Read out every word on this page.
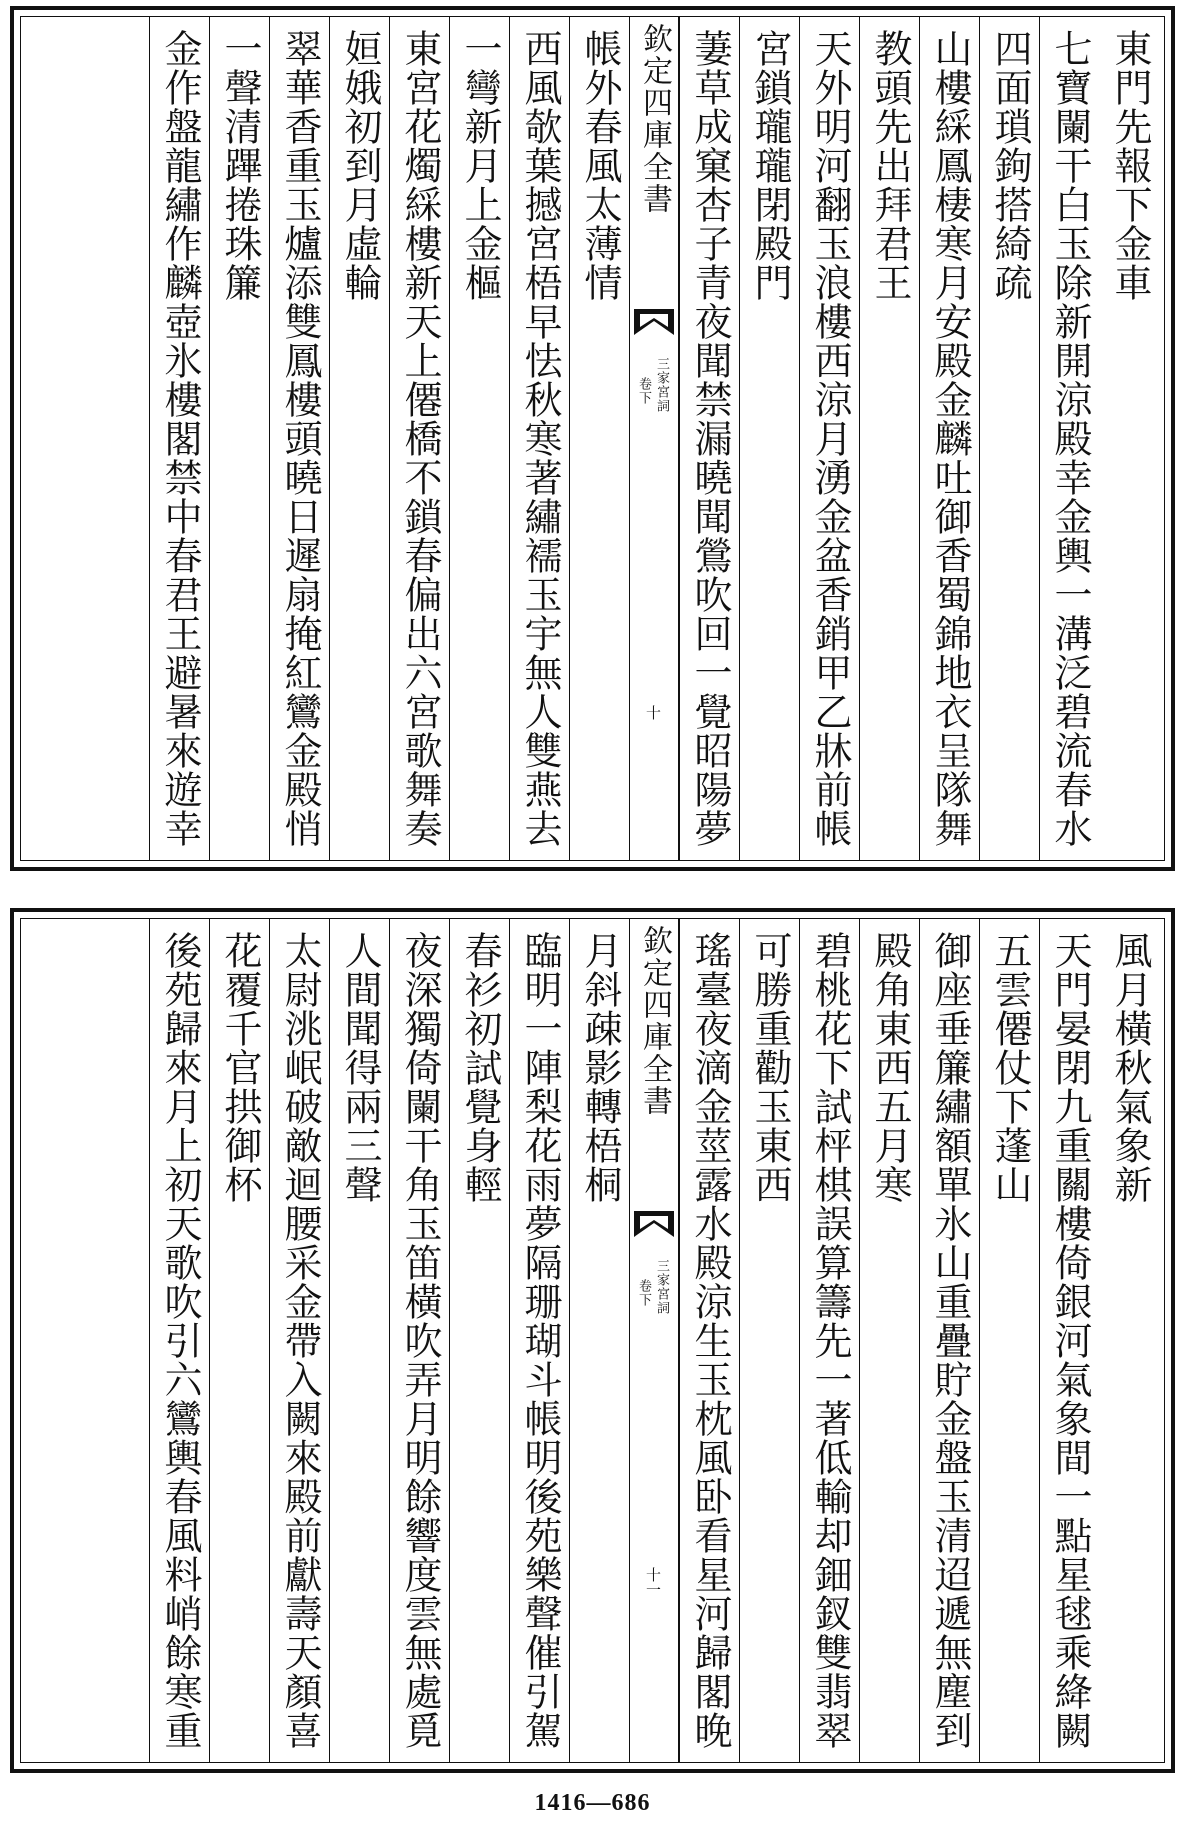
東門先報下金車
七寶闌干白玉除新開涼殿幸金輿一溝泛碧流春水
四面瑣鉤搭綺疏
山樓綵鳳棲寒月安殿金麟吐御香蜀錦地衣呈隊舞
教頭先出拜君王
天外明河翻玉浪樓西涼月湧金盆香銷甲乙牀前帳
宮鎖瓏瓏閉殿門
萋草成窠杏子青夜聞禁漏曉聞鶯吹回一覺昭陽夢
欽定四庫全書
三家宮詞
卷下
十
帳外春風太薄情
西風欹葉撼宮梧早怯秋寒著繡襦玉宇無人雙燕去
一彎新月上金樞
東宮花燭綵樓新天上僊橋不鎖春偏出六宮歌舞奏
姮娥初到月虛輪
翠華香重玉爐添雙鳳樓頭曉日遲扇掩紅鸞金殿悄
一聲清蹕捲珠簾
金作盤龍繡作麟壺氷樓閣禁中春君王避暑來遊幸
風月橫秋氣象新
天門晏閉九重關樓倚銀河氣象間一點星毬乘絳闕
五雲僊仗下蓬山
御座垂簾繡額單氷山重疊貯金盤玉清迢遞無塵到
殿角東西五月寒
碧桃花下試枰棋誤算籌先一著低輸却鈿釵雙翡翠
可勝重勸玉東西
瑤臺夜滴金莖露水殿涼生玉枕風卧看星河歸閣晚
欽定四庫全書
三家宮詞
卷下
十一
月斜疎影轉梧桐
臨明一陣梨花雨夢隔珊瑚斗帳明後苑樂聲催引駕
春衫初試覺身輕
夜深獨倚闌干角玉笛橫吹弄月明餘響度雲無處覓
人間聞得兩三聲
太尉洮岷破敵迴腰采金帶入闕來殿前獻壽天顏喜
花覆千官拱御杯
後苑歸來月上初天歌吹引六鸞輿春風料峭餘寒重
1416—686
